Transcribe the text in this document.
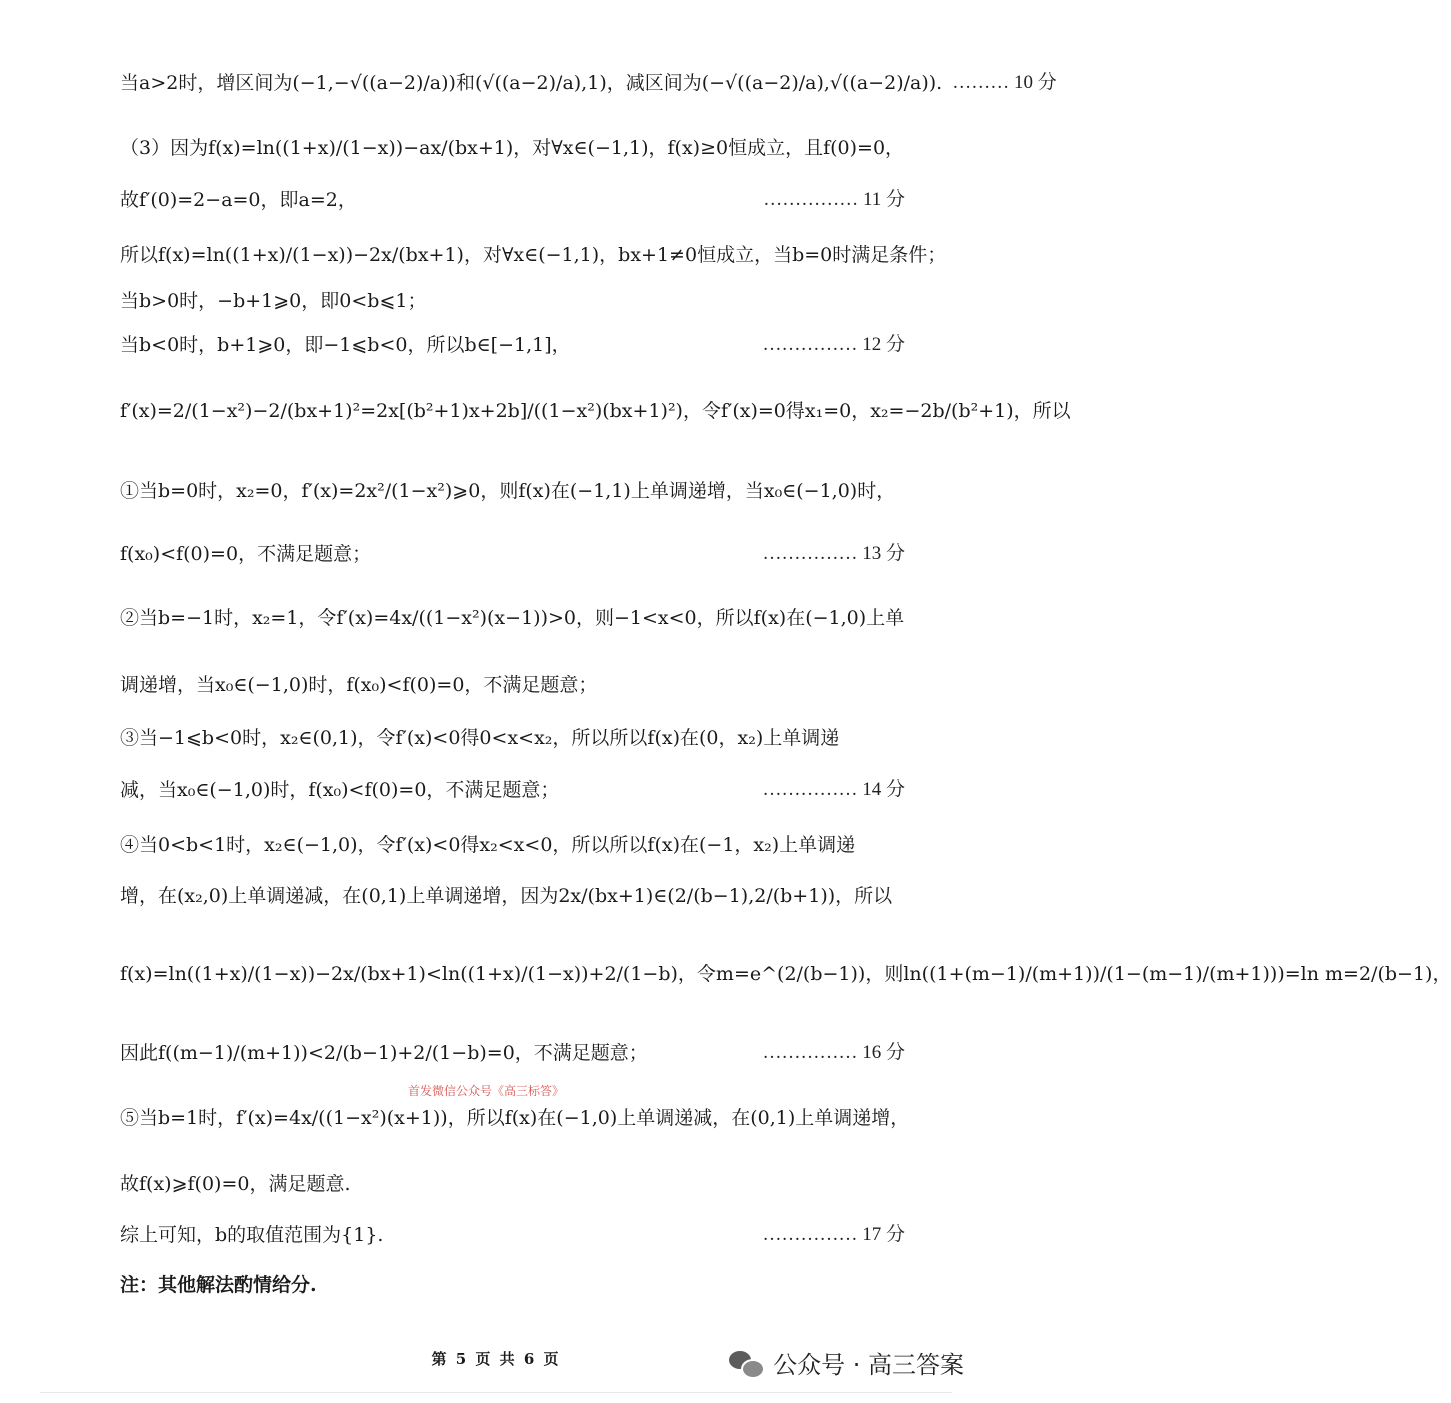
当a>2时，增区间为(−1,−√((a−2)/a))和(√((a−2)/a),1)，减区间为(−√((a−2)/a),√((a−2)/a)). ……… 10 分
（3）因为f(x)=ln((1+x)/(1−x))−ax/(bx+1)，对∀x∈(−1,1)，f(x)≥0恒成立，且f(0)=0，
故f′(0)=2−a=0，即a=2，	…………… 11 分
所以f(x)=ln((1+x)/(1−x))−2x/(bx+1)，对∀x∈(−1,1)，bx+1≠0恒成立，当b=0时满足条件；
当b>0时，−b+1⩾0，即0<b⩽1；
当b<0时，b+1⩾0，即−1⩽b<0，所以b∈[−1,1]，	…………… 12 分
f′(x)=2/(1−x²)−2/(bx+1)²=2x[(b²+1)x+2b]/((1−x²)(bx+1)²)，令f′(x)=0得x₁=0，x₂=−2b/(b²+1)，所以
①当b=0时，x₂=0，f′(x)=2x²/(1−x²)⩾0，则f(x)在(−1,1)上单调递增，当x₀∈(−1,0)时，
f(x₀)<f(0)=0，不满足题意；	…………… 13 分
②当b=−1时，x₂=1，令f′(x)=4x/((1−x²)(x−1))>0，则−1<x<0，所以f(x)在(−1,0)上单
调递增，当x₀∈(−1,0)时，f(x₀)<f(0)=0，不满足题意；
③当−1⩽b<0时，x₂∈(0,1)，令f′(x)<0得0<x<x₂，所以所以f(x)在(0，x₂)上单调递
减，当x₀∈(−1,0)时，f(x₀)<f(0)=0，不满足题意；	…………… 14 分
④当0<b<1时，x₂∈(−1,0)，令f′(x)<0得x₂<x<0，所以所以f(x)在(−1，x₂)上单调递
增，在(x₂,0)上单调递减，在(0,1)上单调递增，因为2x/(bx+1)∈(2/(b−1),2/(b+1))，所以
f(x)=ln((1+x)/(1−x))−2x/(bx+1)<ln((1+x)/(1−x))+2/(1−b)，令m=e^(2/(b−1))，则ln((1+(m−1)/(m+1))/(1−(m−1)/(m+1)))=ln m=2/(b−1)，
因此f((m−1)/(m+1))<2/(b−1)+2/(1−b)=0，不满足题意；	…………… 16 分
⑤当b=1时，f′(x)=4x/((1−x²)(x+1))，所以f(x)在(−1,0)上单调递减，在(0,1)上单调递增，
故f(x)⩾f(0)=0，满足题意.
综上可知，b的取值范围为{1}.	…………… 17 分
首发微信公众号《高三标答》
注：其他解法酌情给分.
第 5 页 共 6 页	公众号 · 高三答案
